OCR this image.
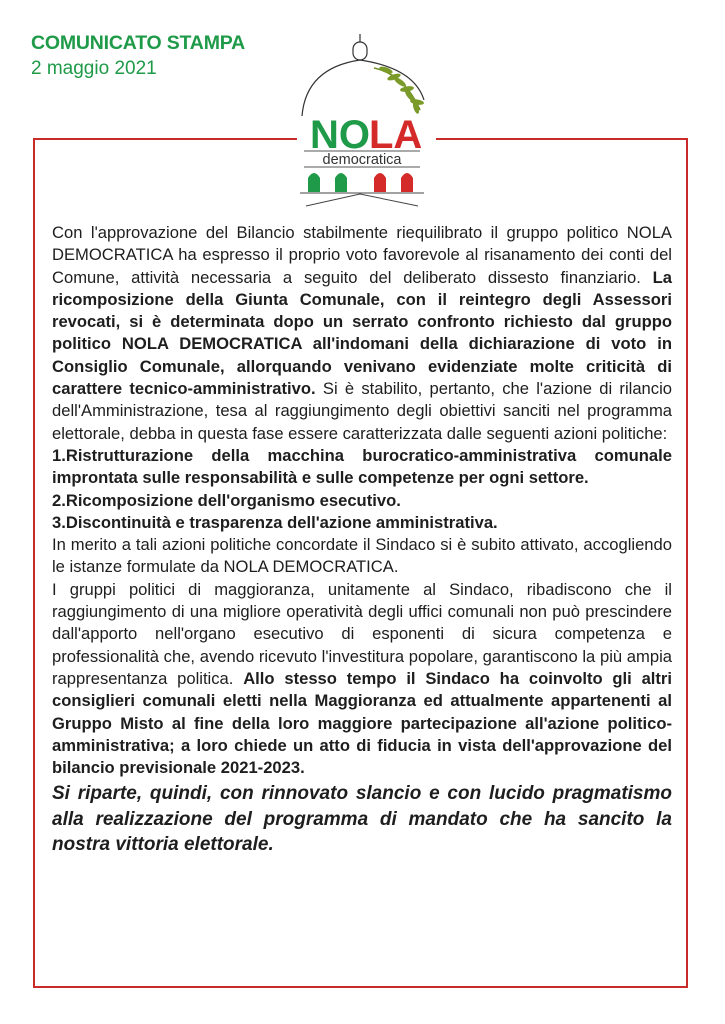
COMUNICATO STAMPA
2 maggio 2021
NO LA
democratica

Con l'approvazione del Bilancio stabilmente riequilibrato il gruppo politico NOLA DEMOCRATICA ha espresso il proprio voto favorevole al risanamento dei conti del Comune, attività necessaria a seguito del deliberato dissesto finanziario. La ricomposizione della Giunta Comunale, con il reintegro degli Assessori revocati, si è determinata dopo un serrato confronto richiesto dal gruppo politico NOLA DEMOCRATICA all'indomani della dichiarazione di voto in Consiglio Comunale, allorquando venivano evidenziate molte criticità di carattere tecnico-amministrativo. Si è stabilito, pertanto, che l'azione di rilancio dell'Amministrazione, tesa al raggiungimento degli obiettivi sanciti nel programma elettorale, debba in questa fase essere caratterizzata dalle seguenti azioni politiche:

1.Ristrutturazione della macchina burocratico-amministrativa comunale improntata sulle responsabilità e sulle competenze per ogni settore.

2.Ricomposizione dell'organismo esecutivo.

3.Discontinuità e trasparenza dell'azione amministrativa.

In merito a tali azioni politiche concordate il Sindaco si è subito attivato, accogliendo le istanze formulate da NOLA DEMOCRATICA.

I gruppi politici di maggioranza, unitamente al Sindaco, ribadiscono che il raggiungimento di una migliore operatività degli uffici comunali non può prescindere dall'apporto nell'organo esecutivo di esponenti di sicura competenza e professionalità che, avendo ricevuto l'investitura popolare, garantiscono la più ampia rappresentanza politica. Allo stesso tempo il Sindaco ha coinvolto gli altri consiglieri comunali eletti nella Maggioranza ed attualmente appartenenti al Gruppo Misto al fine della loro maggiore partecipazione all'azione politico-amministrativa; a loro chiede un atto di fiducia in vista dell'approvazione del bilancio previsionale 2021-2023.

Si riparte, quindi, con rinnovato slancio e con lucido pragmatismo alla realizzazione del programma di mandato che ha sancito la nostra vittoria elettorale.
